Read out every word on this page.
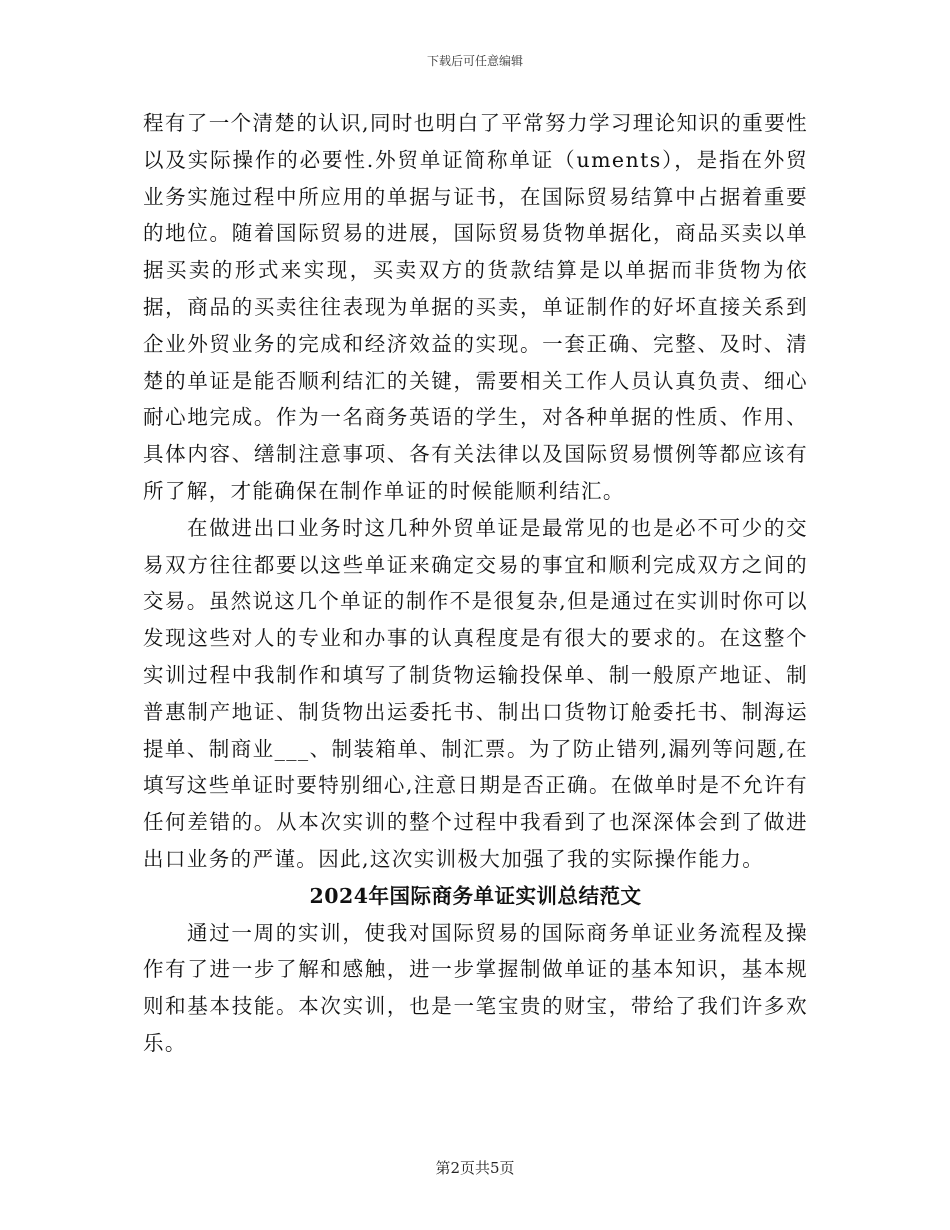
下载后可任意编辑

程有了一个清楚的认识,同时也明白了平常努力学习理论知识的重要性以及实际操作的必要性.外贸单证简称单证（uments），是指在外贸业务实施过程中所应用的单据与证书，在国际贸易结算中占据着重要的地位。随着国际贸易的进展，国际贸易货物单据化，商品买卖以单据买卖的形式来实现，买卖双方的货款结算是以单据而非货物为依据，商品的买卖往往表现为单据的买卖，单证制作的好坏直接关系到企业外贸业务的完成和经济效益的实现。一套正确、完整、及时、清楚的单证是能否顺利结汇的关键，需要相关工作人员认真负责、细心耐心地完成。作为一名商务英语的学生，对各种单据的性质、作用、具体内容、缮制注意事项、各有关法律以及国际贸易惯例等都应该有所了解，才能确保在制作单证的时候能顺利结汇。

在做进出口业务时这几种外贸单证是最常见的也是必不可少的交易双方往往都要以这些单证来确定交易的事宜和顺利完成双方之间的交易。虽然说这几个单证的制作不是很复杂,但是通过在实训时你可以发现这些对人的专业和办事的认真程度是有很大的要求的。在这整个实训过程中我制作和填写了制货物运输投保单、制一般原产地证、制普惠制产地证、制货物出运委托书、制出口货物订舱委托书、制海运提单、制商业___、制装箱单、制汇票。为了防止错列,漏列等问题,在填写这些单证时要特别细心,注意日期是否正确。在做单时是不允许有任何差错的。从本次实训的整个过程中我看到了也深深体会到了做进出口业务的严谨。因此,这次实训极大加强了我的实际操作能力。

2024年国际商务单证实训总结范文

通过一周的实训，使我对国际贸易的国际商务单证业务流程及操作有了进一步了解和感触，进一步掌握制做单证的基本知识，基本规则和基本技能。本次实训，也是一笔宝贵的财宝，带给了我们许多欢乐。

第2页共5页
